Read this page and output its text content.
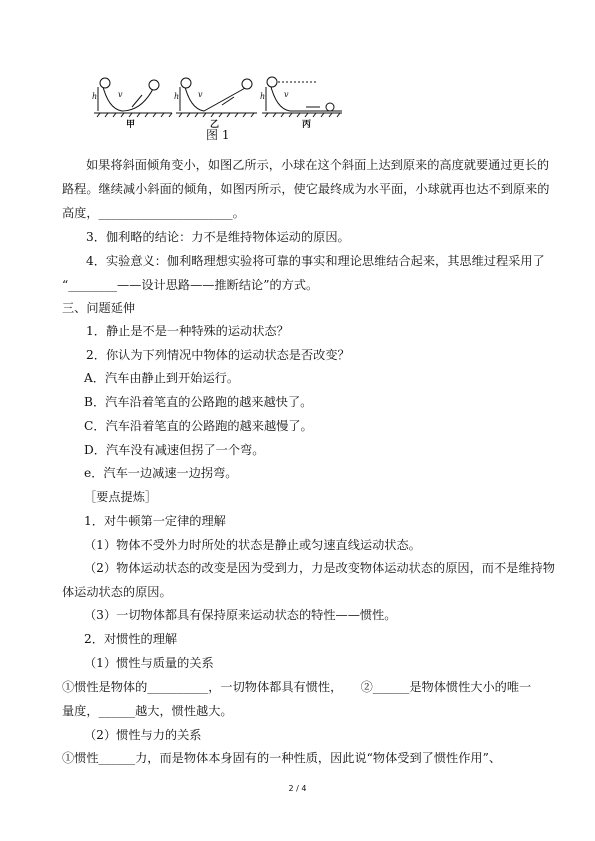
h	v	h v	h v
甲	乙	丙
图 1
如果将斜面倾角变小，如图乙所示，小球在这个斜面上达到原来的高度就要通过更长的
路程。继续减小斜面的倾角，如图丙所示，使它最终成为水平面，小球就再也达不到原来的
高度，______________________。
3．伽利略的结论：力不是维持物体运动的原因。
4．实验意义：伽利略理想实验将可靠的事实和理论思维结合起来，其思维过程采用了
“________——设计思路——推断结论”的方式。
三、问题延伸
1．静止是不是一种特殊的运动状态？
2．你认为下列情况中物体的运动状态是否改变？
A．汽车由静止到开始运行。
B．汽车沿着笔直的公路跑的越来越快了。
C．汽车沿着笔直的公路跑的越来越慢了。
D．汽车没有减速但拐了一个弯。
e．汽车一边减速一边拐弯。
［要点提炼］
1．对牛顿第一定律的理解
（1）物体不受外力时所处的状态是静止或匀速直线运动状态。
（2）物体运动状态的改变是因为受到力，力是改变物体运动状态的原因，而不是维持物
体运动状态的原因。
（3）一切物体都具有保持原来运动状态的特性——惯性。
2．对惯性的理解
（1）惯性与质量的关系
①惯性是物体的__________，一切物体都具有惯性，　　②______是物体惯性大小的唯一
量度，______越大，惯性越大。
（2）惯性与力的关系
①惯性______力，而是物体本身固有的一种性质，因此说“物体受到了惯性作用”、
2 / 4
